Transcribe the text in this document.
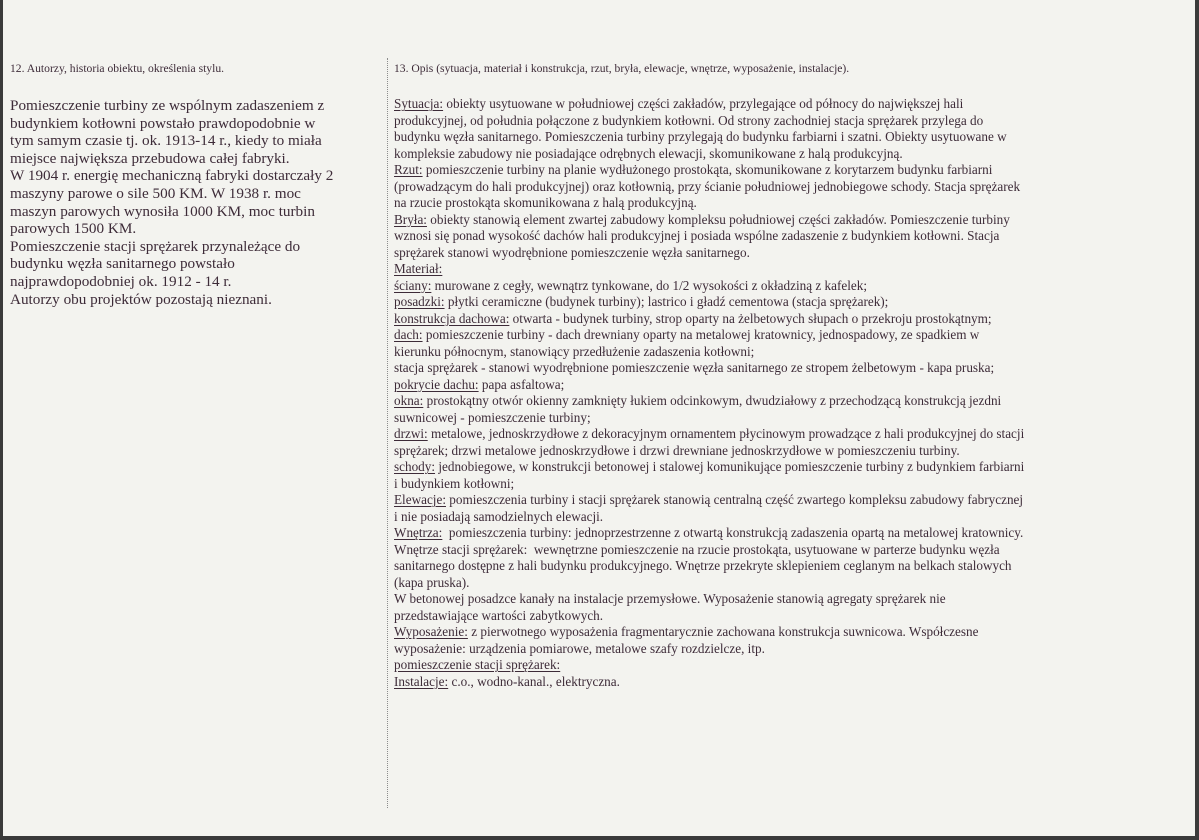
12. Autorzy, historia obiektu, określenia stylu.
Pomieszczenie turbiny ze wspólnym zadaszeniem z
budynkiem kotłowni powstało prawdopodobnie w
tym samym czasie tj. ok. 1913-14 r., kiedy to miała
miejsce największa przebudowa całej fabryki.
W 1904 r. energię mechaniczną fabryki dostarczały 2
maszyny parowe o sile 500 KM. W 1938 r. moc
maszyn parowych wynosiła 1000 KM, moc turbin
parowych 1500 KM.
Pomieszczenie stacji sprężarek przynależące do
budynku węzła sanitarnego powstało
najprawdopodobniej ok. 1912 - 14 r.
Autorzy obu projektów pozostają nieznani.
13. Opis (sytuacja, materiał i konstrukcja, rzut, bryła, elewacje, wnętrze, wyposażenie, instalacje).
Sytuacja: obiekty usytuowane w południowej części zakładów, przylegające od północy do największej hali
produkcyjnej, od południa połączone z budynkiem kotłowni. Od strony zachodniej stacja sprężarek przylega do
budynku węzła sanitarnego. Pomieszczenia turbiny przylegają do budynku farbiarni i szatni. Obiekty usytuowane w
kompleksie zabudowy nie posiadające odrębnych elewacji, skomunikowane z halą produkcyjną.
Rzut: pomieszczenie turbiny na planie wydłużonego prostokąta, skomunikowane z korytarzem budynku farbiarni
(prowadzącym do hali produkcyjnej) oraz kotłownią, przy ścianie południowej jednobiegowe schody. Stacja sprężarek
na rzucie prostokąta skomunikowana z halą produkcyjną.
Bryła: obiekty stanowią element zwartej zabudowy kompleksu południowej części zakładów. Pomieszczenie turbiny
wznosi się ponad wysokość dachów hali produkcyjnej i posiada wspólne zadaszenie z budynkiem kotłowni. Stacja
sprężarek stanowi wyodrębnione pomieszczenie węzła sanitarnego.
Materiał:
ściany: murowane z cegły, wewnątrz tynkowane, do 1/2 wysokości z okładziną z kafelek;
posadzki: płytki ceramiczne (budynek turbiny); lastrico i gładź cementowa (stacja sprężarek);
konstrukcja dachowa: otwarta - budynek turbiny, strop oparty na żelbetowych słupach o przekroju prostokątnym;
dach: pomieszczenie turbiny - dach drewniany oparty na metalowej kratownicy, jednospadowy, ze spadkiem w
kierunku północnym, stanowiący przedłużenie zadaszenia kotłowni;
stacja sprężarek - stanowi wyodrębnione pomieszczenie węzła sanitarnego ze stropem żelbetowym - kapa pruska;
pokrycie dachu: papa asfaltowa;
okna: prostokątny otwór okienny zamknięty łukiem odcinkowym, dwudziałowy z przechodzącą konstrukcją jezdni
suwnicowej - pomieszczenie turbiny;
drzwi: metalowe, jednoskrzydłowe z dekoracyjnym ornamentem płycinowym prowadzące z hali produkcyjnej do stacji
sprężarek; drzwi metalowe jednoskrzydłowe i drzwi drewniane jednoskrzydłowe w pomieszczeniu turbiny.
schody: jednobiegowe, w konstrukcji betonowej i stalowej komunikujące pomieszczenie turbiny z budynkiem farbiarni
i budynkiem kotłowni;
Elewacje: pomieszczenia turbiny i stacji sprężarek stanowią centralną część zwartego kompleksu zabudowy fabrycznej
i nie posiadają samodzielnych elewacji.
Wnętrza:  pomieszczenia turbiny: jednoprzestrzenne z otwartą konstrukcją zadaszenia opartą na metalowej kratownicy.
Wnętrze stacji sprężarek:  wewnętrzne pomieszczenie na rzucie prostokąta, usytuowane w parterze budynku węzła
sanitarnego dostępne z hali budynku produkcyjnego. Wnętrze przekryte sklepieniem ceglanym na belkach stalowych
(kapa pruska).
W betonowej posadzce kanały na instalacje przemysłowe. Wyposażenie stanowią agregaty sprężarek nie
przedstawiające wartości zabytkowych.
Wyposażenie: z pierwotnego wyposażenia fragmentarycznie zachowana konstrukcja suwnicowa. Współczesne
wyposażenie: urządzenia pomiarowe, metalowe szafy rozdzielcze, itp.
pomieszczenie stacji sprężarek:
Instalacje: c.o., wodno-kanal., elektryczna.
